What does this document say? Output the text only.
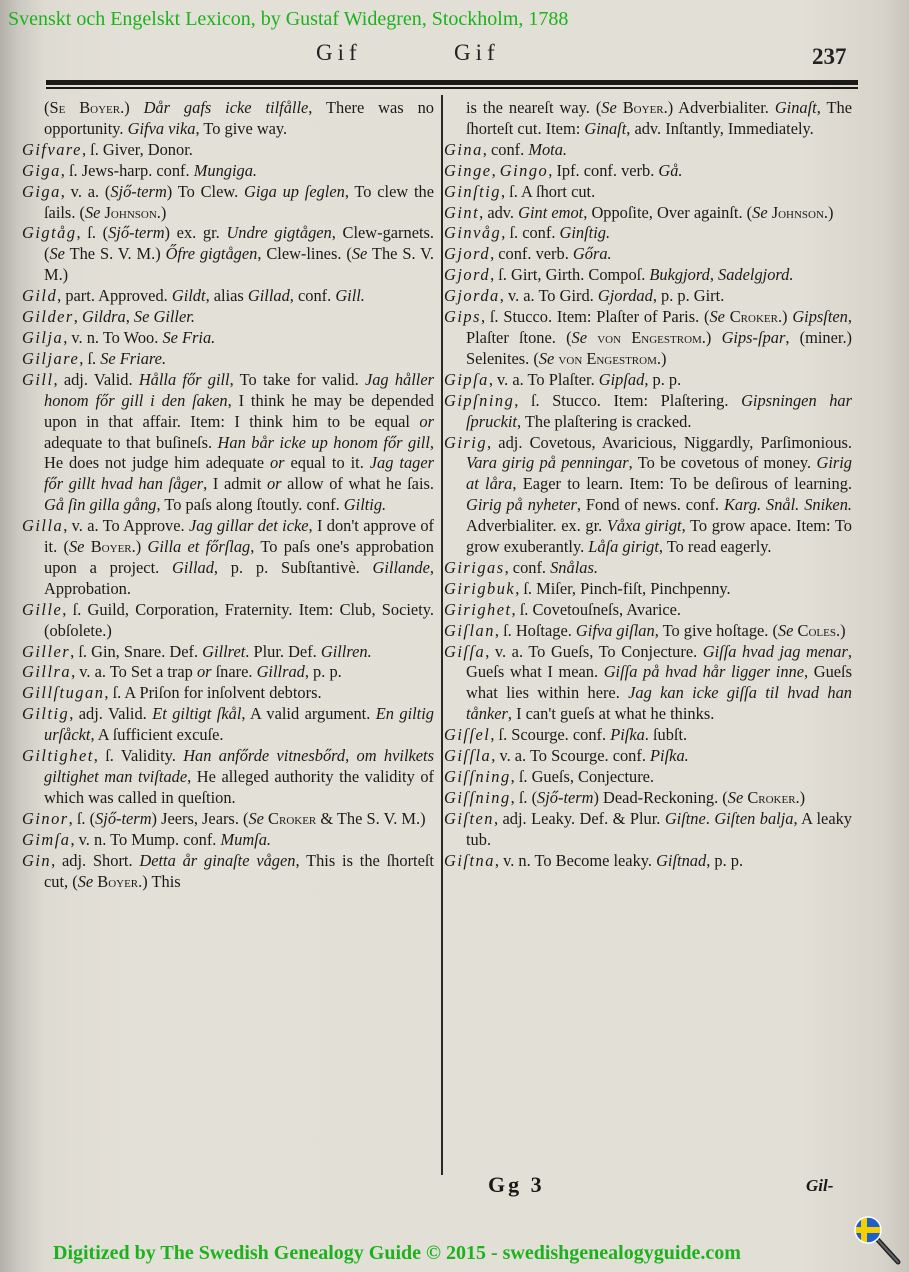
Svenskt och Engelskt Lexicon, by Gustaf Widegren, Stockholm, 1788
Gif	Gif	237

(Se Boyer.) Dår gafs icke tilfålle, There was no opportunity. Gifva vika, To give way.

Gifvare, ſ. Giver, Donor.

Giga, ſ. Jews-harp. conf. Mungiga.

Giga, v. a. (Sjő-term) To Clew. Giga up ſeglen, To clew the ſails. (Se Johnson.)

Gigtåg, ſ. (Sjő-term) ex. gr. Undre gigtågen, Clew-garnets. (Se The S. V. M.) Őfre gigtågen, Clew-lines. (Se The S. V. M.)

Gild, part. Approved. Gildt, alias Gillad, conf. Gill.

Gilder, Gildra, Se Giller.

Gilja, v. n. To Woo. Se Fria.

Giljare, ſ. Se Friare.

Gill, adj. Valid. Hålla főr gill, To take for valid. Jag håller honom főr gill i den ſaken, I think he may be depended upon in that affair. Item: I think him to be equal or adequate to that buſineſs. Han bår icke up honom főr gill, He does not judge him adequate or equal to it. Jag tager főr gillt hvad han ſåger, I admit or allow of what he ſais. Gå ſin gilla gång, To paſs along ſtoutly. conf. Giltig.

Gilla, v. a. To Approve. Jag gillar det icke, I don't approve of it. (Se Boyer.) Gilla et főrſlag, To paſs one's approbation upon a project. Gillad, p. p. Subſtantivè. Gillande, Approbation.

Gille, ſ. Guild, Corporation, Fraternity. Item: Club, Society. (obſolete.)

Giller, ſ. Gin, Snare. Def. Gillret. Plur. Def. Gillren.

Gillra, v. a. To Set a trap or ſnare. Gillrad, p. p.

Gillſtugan, ſ. A Priſon for inſolvent debtors.

Giltig, adj. Valid. Et giltigt ſkål, A valid argument. En giltig urſåckt, A ſufficient excuſe.

Giltighet, ſ. Validity. Han anfőrde vitnesbőrd, om hvilkets giltighet man tviſtade, He alleged authority the validity of which was called in queſtion.

Ginor, ſ. (Sjő-term) Jeers, Jears. (Se Croker & The S. V. M.)

Gimſa, v. n. To Mump. conf. Mumſa.

Gin, adj. Short. Detta år ginaſte vågen, This is the ſhorteſt cut, (Se Boyer.) This

is the neareſt way. (Se Boyer.) Adverbialiter. Ginaſt, The ſhorteſt cut. Item: Ginaſt, adv. Inſtantly, Immediately.

Gina, conf. Mota.

Ginge, Gingo, Ipf. conf. verb. Gå.

Ginſtig, ſ. A ſhort cut.

Gint, adv. Gint emot, Oppoſite, Over againſt. (Se Johnson.)

Ginvåg, ſ. conf. Ginſtig.

Gjord, conf. verb. Gőra.

Gjord, ſ. Girt, Girth. Compoſ. Bukgjord, Sadelgjord.

Gjorda, v. a. To Gird. Gjordad, p. p. Girt.

Gips, ſ. Stucco. Item: Plaſter of Paris. (Se Croker.) Gipsſten, Plaſter ſtone. (Se von Engestrom.) Gips-ſpar, (miner.) Selenites. (Se von Engestrom.)

Gipſa, v. a. To Plaſter. Gipſad, p. p.

Gipſning, ſ. Stucco. Item: Plaſtering. Gipsningen har ſpruckit, The plaſtering is cracked.

Girig, adj. Covetous, Avaricious, Niggardly, Parſimonious. Vara girig på penningar, To be covetous of money. Girig at låra, Eager to learn. Item: To be deſirous of learning. Girig på nyheter, Fond of news. conf. Karg. Snål. Sniken. Adverbialiter. ex. gr. Våxa girigt, To grow apace. Item: To grow exuberantly. Låſa girigt, To read eagerly.

Girigas, conf. Snålas.

Girigbuk, ſ. Miſer, Pinch-fiſt, Pinchpenny.

Girighet, ſ. Covetouſneſs, Avarice.

Giſlan, ſ. Hoſtage. Gifva giſlan, To give hoſtage. (Se Coles.)

Giſſa, v. a. To Gueſs, To Conjecture. Giſſa hvad jag menar, Gueſs what I mean. Giſſa på hvad hår ligger inne, Gueſs what lies within here. Jag kan icke giſſa til hvad han tånker, I can't gueſs at what he thinks.

Giſſel, ſ. Scourge. conf. Piſka. ſubſt.

Giſſla, v. a. To Scourge. conf. Piſka.

Giſſning, ſ. Gueſs, Conjecture.

Giſſning, ſ. (Sjő-term) Dead-Reckoning. (Se Croker.)

Giſten, adj. Leaky. Def. & Plur. Giſtne. Giſten balja, A leaky tub.

Giſtna, v. n. To Become leaky. Giſtnad, p. p.

Gg 3	Gil-
Digitized by The Swedish Genealogy Guide © 2015 - swedishgenealogyguide.com
